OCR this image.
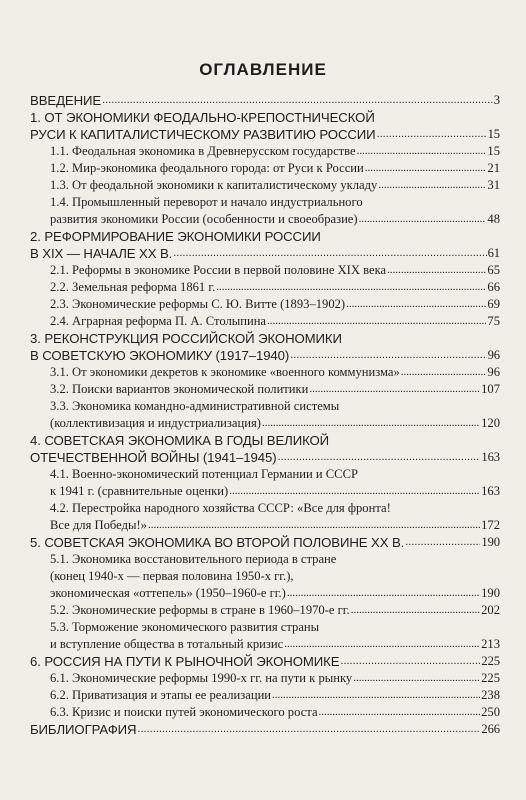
ОГЛАВЛЕНИЕ
ВВЕДЕНИЕ .....	3
1. ОТ ЭКОНОМИКИ ФЕОДАЛЬНО-КРЕПОСТНИЧЕСКОЙ
РУСИ К КАПИТАЛИСТИЧЕСКОМУ РАЗВИТИЮ РОССИИ .....	15
1.1. Феодальная экономика в Древнерусском государстве .....	15
1.2. Мир-экономика феодального города: от Руси к России .....	21
1.3. От феодальной экономики к капиталистическому укладу .....	31
1.4. Промышленный переворот и начало индустриального
развития экономики России (особенности и своеобразие) .....	48
2. РЕФОРМИРОВАНИЕ ЭКОНОМИКИ РОССИИ
В XIX — НАЧАЛЕ XX В. .....	61
2.1. Реформы в экономике России в первой половине XIX века .....	65
2.2. Земельная реформа 1861 г. .....	66
2.3. Экономические реформы С. Ю. Витте (1893–1902) .....	69
2.4. Аграрная реформа П. А. Столыпина .....	75
3. РЕКОНСТРУКЦИЯ РОССИЙСКОЙ ЭКОНОМИКИ
В СОВЕТСКУЮ ЭКОНОМИКУ (1917–1940) .....	96
3.1. От экономики декретов к экономике «военного коммунизма» .....	96
3.2. Поиски вариантов экономической политики .....	107
3.3. Экономика командно-административной системы
(коллективизация и индустриализация) .....	120
4. СОВЕТСКАЯ ЭКОНОМИКА В ГОДЫ ВЕЛИКОЙ
ОТЕЧЕСТВЕННОЙ ВОЙНЫ (1941–1945) .....	163
4.1. Военно-экономический потенциал Германии и СССР
к 1941 г. (сравнительные оценки) .....	163
4.2. Перестройка народного хозяйства СССР: «Все для фронта!
Все для Победы!» .....	172
5. СОВЕТСКАЯ ЭКОНОМИКА ВО ВТОРОЙ ПОЛОВИНЕ XX В. .....	190
5.1. Экономика восстановительного периода в стране
(конец 1940-х — первая половина 1950-х гг.),
экономическая «оттепель» (1950–1960-е гг.) .....	190
5.2. Экономические реформы в стране в 1960–1970-е гг. .....	202
5.3. Торможение экономического развития страны
и вступление общества в тотальный кризис .....	213
6. РОССИЯ НА ПУТИ К РЫНОЧНОЙ ЭКОНОМИКЕ .....	225
6.1. Экономические реформы 1990-х гг. на пути к рынку .....	225
6.2. Приватизация и этапы ее реализации .....	238
6.3. Кризис и поиски путей экономического роста .....	250
БИБЛИОГРАФИЯ .....	266
